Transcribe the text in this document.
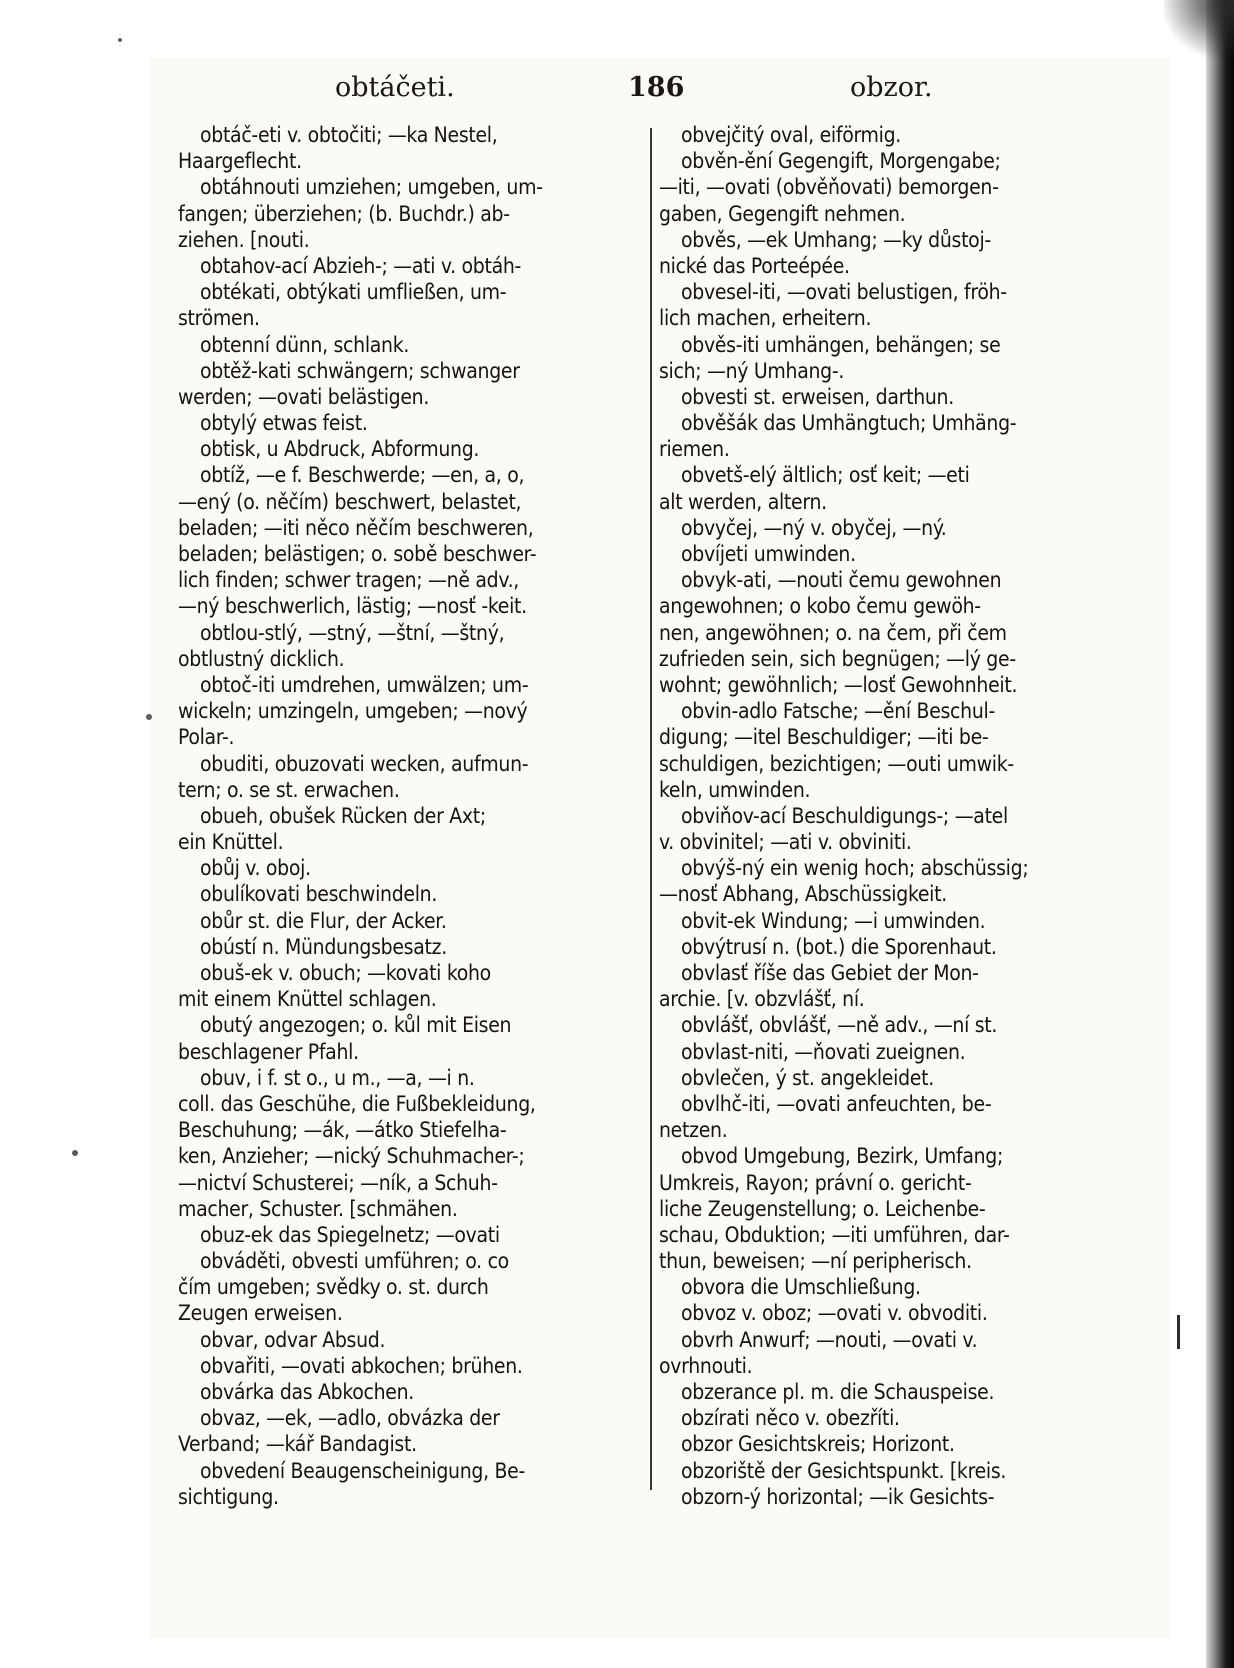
obtáčeti.	186	obzor.
obtáč-eti v. obtočiti; —ka Nestel,
Haargeflecht.
obtáhnouti umziehen; umgeben, um-
fangen; überziehen; (b. Buchdr.) ab-
ziehen. [nouti.
obtahov-ací Abzieh-; —ati v. obtáh-
obtékati, obtýkati umfließen, um-
strömen.
obtenní dünn, schlank.
obtěž-kati schwängern; schwanger
werden; —ovati belästigen.
obtylý etwas feist.
obtisk, u Abdruck, Abformung.
obtíž, —e f. Beschwerde; —en, a, o,
—ený (o. něčím) beschwert, belastet,
beladen; —iti něco něčím beschweren,
beladen; belästigen; o. sobě beschwer-
lich finden; schwer tragen; —ně adv.,
—ný beschwerlich, lästig; —nosť -keit.
obtlou-stlý, —stný, —štní, —štný,
obtlustný dicklich.
obtoč-iti umdrehen, umwälzen; um-
wickeln; umzingeln, umgeben; —nový
Polar-.
obuditi, obuzovati wecken, aufmun-
tern; o. se st. erwachen.
obueh, obušek Rücken der Axt;
ein Knüttel.
obůj v. oboj.
obulíkovati beschwindeln.
obůr st. die Flur, der Acker.
obústí n. Mündungsbesatz.
obuš-ek v. obuch; —kovati koho
mit einem Knüttel schlagen.
obutý angezogen; o. kůl mit Eisen
beschlagener Pfahl.
obuv, i f. st o., u m., —a, —i n.
coll. das Geschühe, die Fußbekleidung,
Beschuhung; —ák, —átko Stiefelha-
ken, Anzieher; —nický Schuhmacher-;
—nictví Schusterei; —ník, a Schuh-
macher, Schuster. [schmähen.
obuz-ek das Spiegelnetz; —ovati
obváděti, obvesti umführen; o. co
čím umgeben; svědky o. st. durch
Zeugen erweisen.
obvar, odvar Absud.
obvařiti, —ovati abkochen; brühen.
obvárka das Abkochen.
obvaz, —ek, —adlo, obvázka der
Verband; —kář Bandagist.
obvedení Beaugenscheinigung, Be-
sichtigung.
obvejčitý oval, eiförmig.
obvěn-ění Gegengift, Morgengabe;
—iti, —ovati (obvěňovati) bemorgen-
gaben, Gegengift nehmen.
obvěs, —ek Umhang; —ky důstoj-
nické das Porteépée.
obvesel-iti, —ovati belustigen, fröh-
lich machen, erheitern.
obvěs-iti umhängen, behängen; se
sich; —ný Umhang-.
obvesti st. erweisen, darthun.
obvěšák das Umhängtuch; Umhäng-
riemen.
obvetš-elý ältlich; osť keit; —eti
alt werden, altern.
obvyčej, —ný v. obyčej, —ný.
obvíjeti umwinden.
obvyk-ati, —nouti čemu gewohnen
angewohnen; o kobo čemu gewöh-
nen, angewöhnen; o. na čem, při čem
zufrieden sein, sich begnügen; —lý ge-
wohnt; gewöhnlich; —losť Gewohnheit.
obvin-adlo Fatsche; —ění Beschul-
digung; —itel Beschuldiger; —iti be-
schuldigen, bezichtigen; —outi umwik-
keln, umwinden.
obviňov-ací Beschuldigungs-; —atel
v. obvinitel; —ati v. obviniti.
obvýš-ný ein wenig hoch; abschüssig;
—nosť Abhang, Abschüssigkeit.
obvit-ek Windung; —i umwinden.
obvýtrusí n. (bot.) die Sporenhaut.
obvlasť říše das Gebiet der Mon-
archie. [v. obzvlášť, ní.
obvlášť, obvlášť, —ně adv., —ní st.
obvlast-niti, —ňovati zueignen.
obvlečen, ý st. angekleidet.
obvlhč-iti, —ovati anfeuchten, be-
netzen.
obvod Umgebung, Bezirk, Umfang;
Umkreis, Rayon; právní o. gericht-
liche Zeugenstellung; o. Leichenbe-
schau, Obduktion; —iti umführen, dar-
thun, beweisen; —ní peripherisch.
obvora die Umschließung.
obvoz v. oboz; —ovati v. obvoditi.
obvrh Anwurf; —nouti, —ovati v.
ovrhnouti.
obzerance pl. m. die Schauspeise.
obzírati něco v. obezříti.
obzor Gesichtskreis; Horizont.
obzoriště der Gesichtspunkt. [kreis.
obzorn-ý horizontal; —ik Gesichts-
